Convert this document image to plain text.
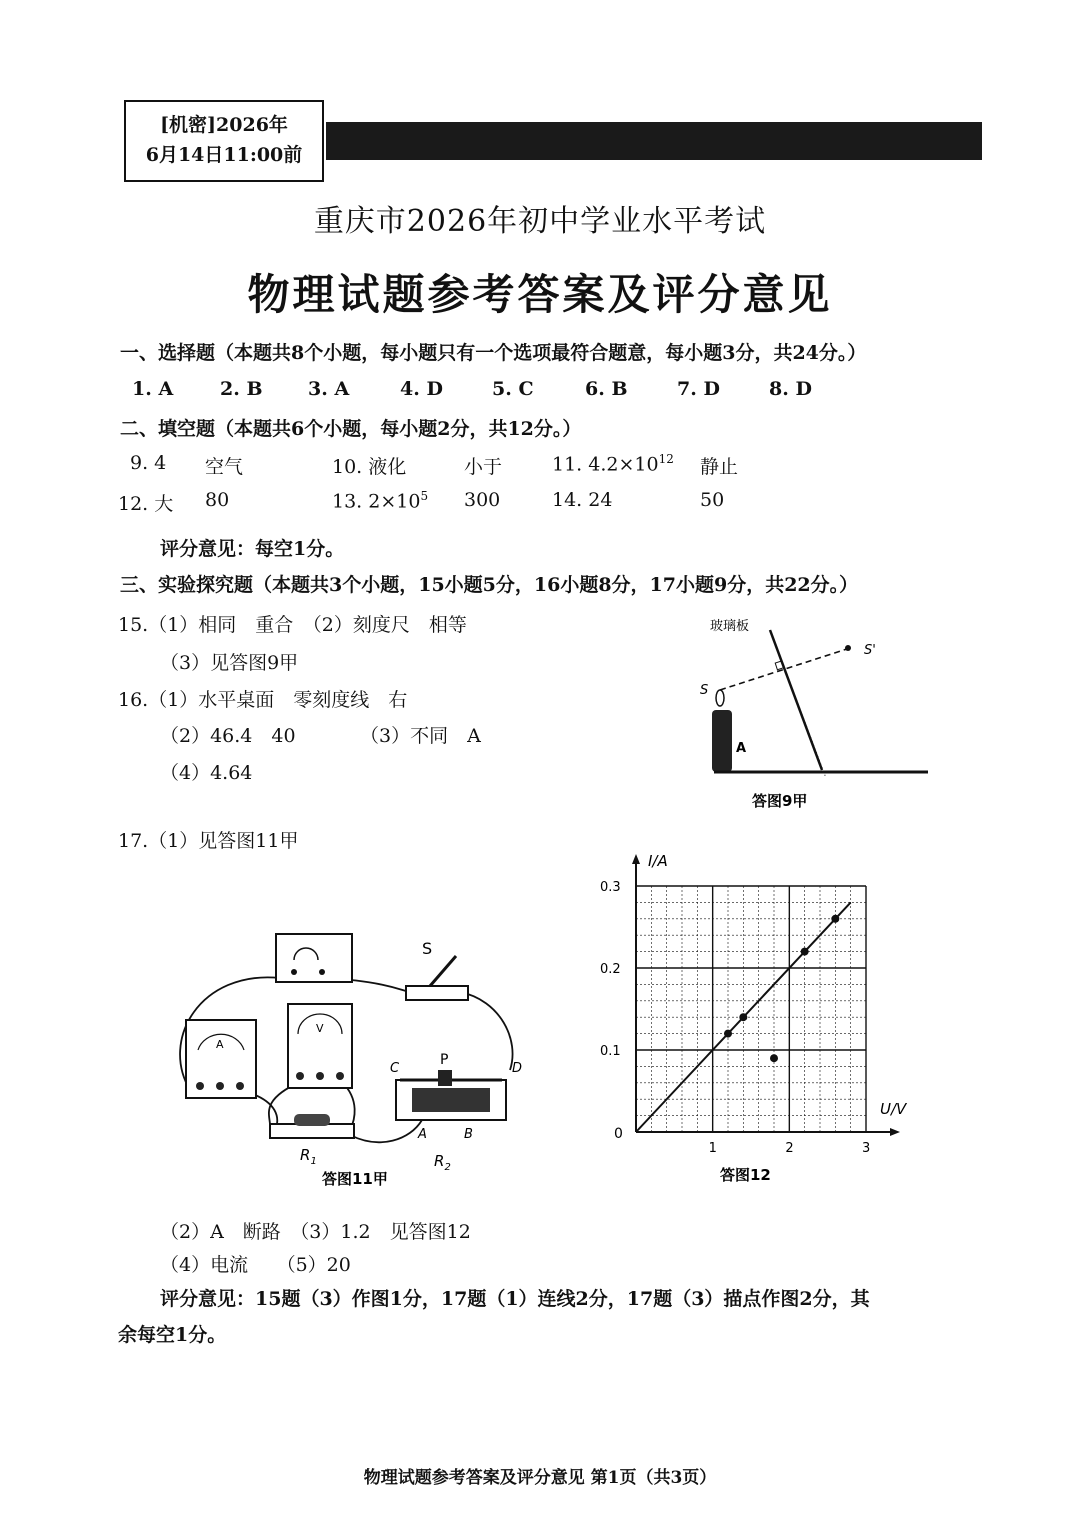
[机密]2026年
6月14日11:00前
重庆市2026年初中学业水平考试
物理试题参考答案及评分意见
一、选择题（本题共8个小题，每小题只有一个选项最符合题意，每小题3分，共24分。）
1. A 2. B 3. A	4. D	5. C	6. B	7. D	8. D
二、填空题（本题共6个小题，每小题2分，共12分。）
9. 4 空气	10. 液化	小于	11. $4.2\times 10^{12}$ 静止
12. 大 80	13. $2\times 10^5$ 300	14. 24	50
评分意见：每空1分。
三、实验探究题（本题共3个小题，15小题5分，16小题8分，17小题9分，共22分。）
15.（1）相同　重合　（2）刻度尺　相等
（3）见答图9甲
16.（1）水平桌面　零刻度线　右
（2）46.4　40	（3）不同　A
（4）4.64
17.（1）见答图11甲
玻璃板
S'
S
A
答图9甲
S
A
V
$R_1$
P
C	D
A	B
$R_2$
答图11甲
1	2	3
0.1
0.2
0.3
U/V
I/A
0
答图12
（2）A　断路　（3）1.2　见答图12
（4）电流　　（5）20
评分意见：15题（3）作图1分，17题（1）连线2分，17题（3）描点作图2分，其
余每空1分。
物理试题参考答案及评分意见 第1页（共3页）
